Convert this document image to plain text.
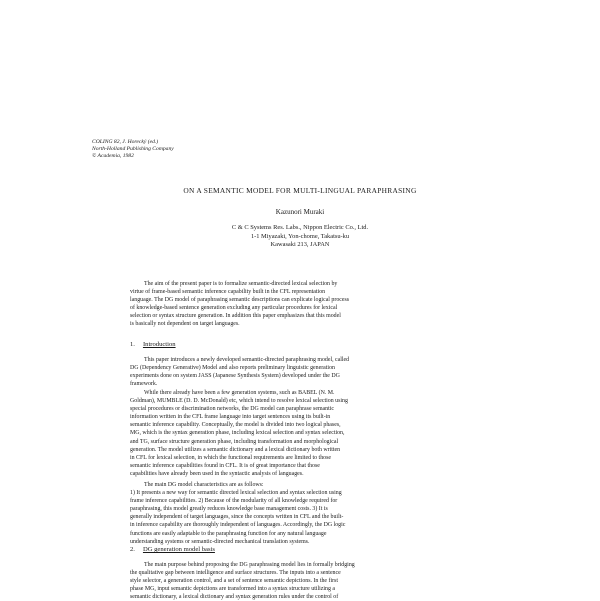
COLING 82, J. Horecký (ed.)
North-Holland Publishing Company
© Academia, 1982
ON A SEMANTIC MODEL FOR MULTI-LINGUAL PARAPHRASING
Kazunori Muraki
C & C Systems Res. Labs., Nippon Electric Co., Ltd.
1-1 Miyazaki, Yon-chome, Takatsu-ku
Kawasaki 213, JAPAN
The aim of the present paper is to formalize semantic-directed lexical selection by
virtue of frame-based semantic inference capability built in the CFL representation
language. The DG model of paraphrasing semantic descriptions can explicate logical process
of knowledge-based sentence generation excluding any particular procedures for lexical
selection or syntax structure generation. In addition this paper emphasizes that this model
is basically not dependent on target languages.
1. Introduction
This paper introduces a newly developed semantic-directed paraphrasing model, called
DG (Dependency Generative) Model and also reports preliminary linguistic generation
experiments done on system JASS (Japanese Synthesis System) developed under the DG
framework.
While there already have been a few generation systems, such as BABEL (N. M.
Goldman), MUMBLE (D. D. McDonald) etc, which intend to resolve lexical selection using
special procedures or discrimination networks, the DG model can paraphrase semantic
information written in the CFL frame language into target sentences using its built-in
semantic inference capability. Conceptually, the model is divided into two logical phases,
MG, which is the syntax generation phase, including lexical selection and syntax selection,
and TG, surface structure generation phase, including transformation and morphological
generation. The model utilizes a semantic dictionary and a lexical dictionary both written
in CFL for lexical selection, in which the functional requirements are limited to those
semantic inference capabilities found in CFL. It is of great importance that those
capabilities have already been used in the syntactic analysis of languages.
The main DG model characteristics are as follows:
1) It presents a new way for semantic directed lexical selection and syntax selection using
frame inference capabilities. 2) Because of the modularity of all knowledge required for
paraphrasing, this model greatly reduces knowledge base management costs. 3) It is
generally independent of target languages, since the concepts written in CFL and the built-
in inference capability are thoroughly independent of languages. Accordingly, the DG logic
functions are easily adaptable to the paraphrasing function for any natural language
understanding systems or semantic-directed mechanical translation systems.
2. DG generation model basis
The main purpose behind proposing the DG paraphrasing model lies in formally bridging
the qualitative gap between intelligence and surface structures. The inputs into a sentence
style selector, a generation control, and a set of sentence semantic depictions. In the first
phase MG, input semantic depictions are transformed into a syntax structure utilizing a
semantic dictionary, a lexical dictionary and syntax generation rules under the control of
